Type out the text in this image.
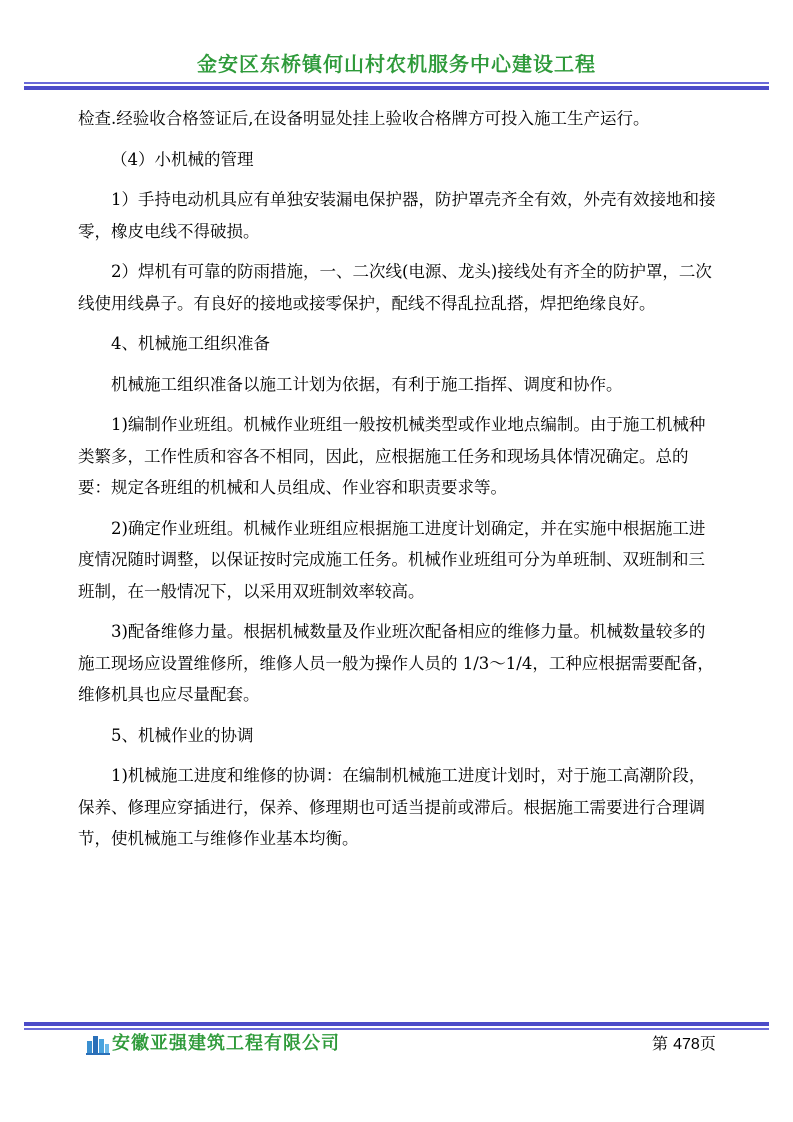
金安区东桥镇何山村农机服务中心建设工程

检查.经验收合格签证后,在设备明显处挂上验收合格牌方可投入施工生产运行。

（4）小机械的管理

1）手持电动机具应有单独安装漏电保护器，防护罩壳齐全有效，外壳有效接地和接零，橡皮电线不得破损。

2）焊机有可靠的防雨措施，一、二次线(电源、龙头)接线处有齐全的防护罩，二次线使用线鼻子。有良好的接地或接零保护，配线不得乱拉乱搭，焊把绝缘良好。

4、机械施工组织准备

机械施工组织准备以施工计划为依据，有利于施工指挥、调度和协作。

1)编制作业班组。机械作业班组一般按机械类型或作业地点编制。由于施工机械种类繁多，工作性质和容各不相同，因此，应根据施工任务和现场具体情况确定。总的要：规定各班组的机械和人员组成、作业容和职责要求等。

2)确定作业班组。机械作业班组应根据施工进度计划确定，并在实施中根据施工进度情况随时调整，以保证按时完成施工任务。机械作业班组可分为单班制、双班制和三班制，在一般情况下，以采用双班制效率较高。

3)配备维修力量。根据机械数量及作业班次配备相应的维修力量。机械数量较多的施工现场应设置维修所，维修人员一般为操作人员的 1/3～1/4，工种应根据需要配备，维修机具也应尽量配套。

5、机械作业的协调

1)机械施工进度和维修的协调：在编制机械施工进度计划时，对于施工高潮阶段，保养、修理应穿插进行，保养、修理期也可适当提前或滞后。根据施工需要进行合理调节，使机械施工与维修作业基本均衡。

安徽亚强建筑工程有限公司	第 478页
